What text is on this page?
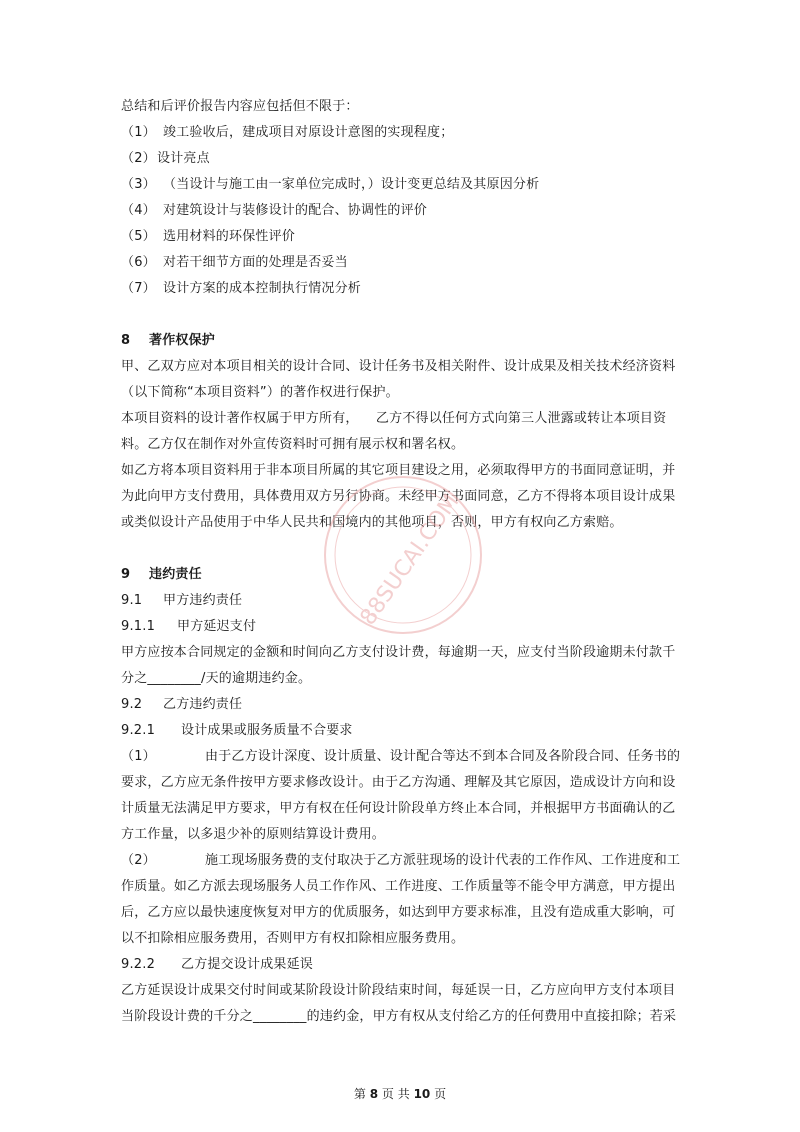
总结和后评价报告内容应包括但不限于：
（1） 竣工验收后，建成项目对原设计意图的实现程度；
（2）设计亮点
（3） （当设计与施工由一家单位完成时，）设计变更总结及其原因分析
（4） 对建筑设计与装修设计的配合、协调性的评价
（5） 选用材料的环保性评价
（6） 对若干细节方面的处理是否妥当
（7） 设计方案的成本控制执行情况分析
8 著作权保护
甲、乙双方应对本项目相关的设计合同、设计任务书及相关附件、设计成果及相关技术经济资料
（以下简称“本项目资料”）的著作权进行保护。
本项目资料的设计著作权属于甲方所有，    乙方不得以任何方式向第三人泄露或转让本项目资
料。乙方仅在制作对外宣传资料时可拥有展示权和署名权。
如乙方将本项目资料用于非本项目所属的其它项目建设之用，必须取得甲方的书面同意证明，并
为此向甲方支付费用，具体费用双方另行协商。未经甲方书面同意，乙方不得将本项目设计成果
或类似设计产品使用于中华人民共和国境内的其他项目，否则，甲方有权向乙方索赔。
9 违约责任
9.1 甲方违约责任
9.1.1 甲方延迟支付
甲方应按本合同规定的金额和时间向乙方支付设计费，每逾期一天，应支付当阶段逾期未付款千
分之________/天的逾期违约金。
9.2 乙方违约责任
9.2.1 设计成果或服务质量不合要求
（1）	由于乙方设计深度、设计质量、设计配合等达不到本合同及各阶段合同、任务书的
要求，乙方应无条件按甲方要求修改设计。由于乙方沟通、理解及其它原因，造成设计方向和设
计质量无法满足甲方要求，甲方有权在任何设计阶段单方终止本合同，并根据甲方书面确认的乙
方工作量，以多退少补的原则结算设计费用。
（2）	施工现场服务费的支付取决于乙方派驻现场的设计代表的工作作风、工作进度和工
作质量。如乙方派去现场服务人员工作作风、工作进度、工作质量等不能令甲方满意，甲方提出
后，乙方应以最快速度恢复对甲方的优质服务，如达到甲方要求标准，且没有造成重大影响，可
以不扣除相应服务费用，否则甲方有权扣除相应服务费用。
9.2.2 乙方提交设计成果延误
乙方延误设计成果交付时间或某阶段设计阶段结束时间，每延误一日，乙方应向甲方支付本项目
当阶段设计费的千分之________的违约金，甲方有权从支付给乙方的任何费用中直接扣除；若采
88SUCAI.COM
第 8 页 共 10 页
